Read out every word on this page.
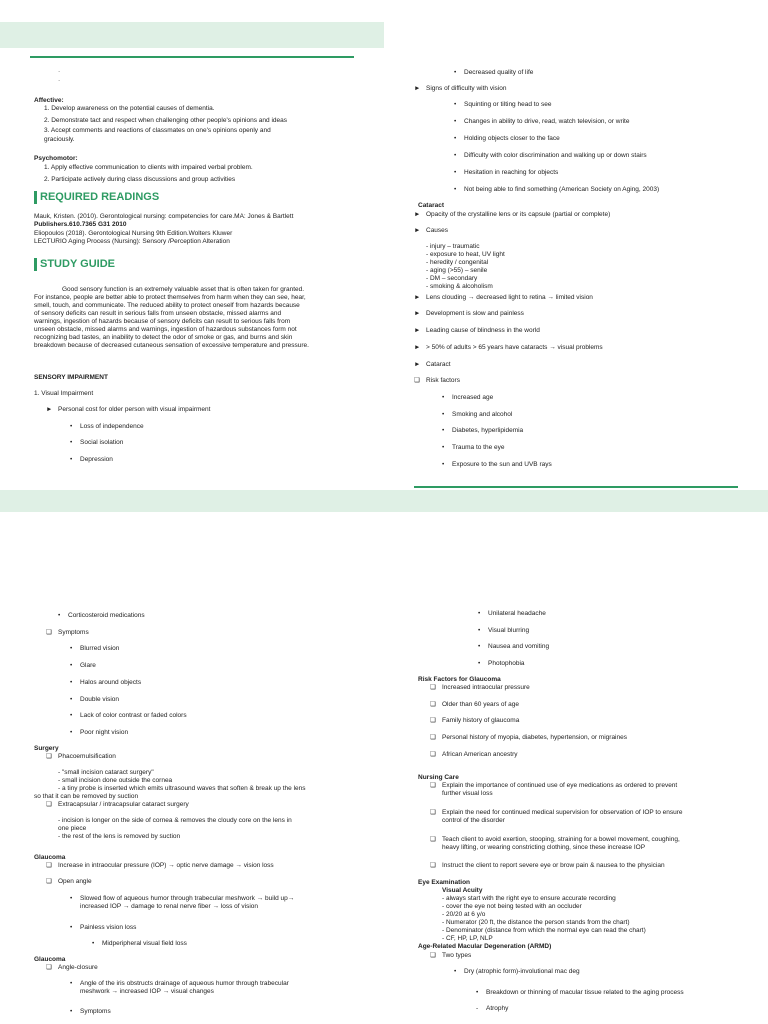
·
·
Affective:
1. Develop awareness on the potential causes of dementia.
2. Demonstrate tact and respect when challenging other people's opinions and ideas
3. Accept comments and reactions of classmates on one's opinions openly and
graciously.
Psychomotor:
1. Apply effective communication to clients with impaired verbal problem.
2. Participate actively during class discussions and group activities
REQUIRED READINGS
Mauk, Kristen. (2010). Gerontological nursing: competencies for care.MA: Jones & Bartlett
Publishers.610.7365 G31 2010
Eliopoulos (2018). Gerontological Nursing 9th Edition.Wolters Kluwer
LECTURIO Aging Process (Nursing): Sensory /Perception Alteration
STUDY GUIDE
Good sensory function is an extremely valuable asset that is often taken for granted.
For instance, people are better able to protect themselves from harm when they can see, hear,
smell, touch, and communicate. The reduced ability to protect oneself from hazards because
of sensory deficits can result in serious falls from unseen obstacle, missed alarms and
warnings, ingestion of hazards because of sensory deficits can result to serious falls from
unseen obstacle, missed alarms and warnings, ingestion of hazardous substances form not
recognizing bad tastes, an inability to detect the odor of smoke or gas, and burns and skin
breakdown because of decreased cutaneous sensation of excessive temperature and pressure.
SENSORY IMPAIRMENT
1. Visual Impairment
► Personal cost for older person with visual impairment
• Loss of independence
• Social isolation
• Depression
• Decreased quality of life
► Signs of difficulty with vision
• Squinting or tilting head to see
• Changes in ability to drive, read, watch television, or write
• Holding objects closer to the face
• Difficulty with color discrimination and walking up or down stairs
• Hesitation in reaching for objects
• Not being able to find something (American Society on Aging, 2003)
Cataract
► Opacity of the crystalline lens or its capsule (partial or complete)
► Causes
- injury – traumatic
- exposure to heat, UV light
- heredity / congenital
- aging (>55) – senile
- DM – secondary
- smoking & alcoholism
► Lens clouding → decreased light to retina → limited vision
► Development is slow and painless
► Leading cause of blindness in the world
► > 50% of adults > 65 years have cataracts → visual problems
► Cataract
❏ Risk factors
• Increased age
• Smoking and alcohol
• Diabetes, hyperlipidemia
• Trauma to the eye
• Exposure to the sun and UVB rays
• Corticosteroid medications
❏ Symptoms
• Blurred vision
• Glare
• Halos around objects
• Double vision
• Lack of color contrast or faded colors
• Poor night vision
Surgery
❏ Phacoemulsification
- "small incision cataract surgery"
- small incision done outside the cornea
- a tiny probe is inserted which emits ultrasound waves that soften & break up the lens
so that it can be removed by suction
❏ Extracapsular / intracapsular cataract surgery
- incision is longer on the side of cornea & removes the cloudy core on the lens in
one piece
- the rest of the lens is removed by suction
Glaucoma
❏ Increase in intraocular pressure (IOP) → optic nerve damage → vision loss
❏ Open angle
• Slowed flow of aqueous humor through trabecular meshwork → build up→
increased IOP → damage to renal nerve fiber → loss of vision
• Painless vision loss
• Midperipheral visual field loss
Glaucoma
❏ Angle-closure
• Angle of the iris obstructs drainage of aqueous humor through trabecular
meshwork → increased IOP → visual changes
• Symptoms
• Unilateral headache
• Visual blurring
• Nausea and vomiting
• Photophobia
Risk Factors for Glaucoma
❏ Increased intraocular pressure
❏ Older than 60 years of age
❏ Family history of glaucoma
❏ Personal history of myopia, diabetes, hypertension, or migraines
❏ African American ancestry
Nursing Care
❏ Explain the importance of continued use of eye medications as ordered to prevent
further visual loss
❏ Explain the need for continued medical supervision for observation of IOP to ensure
control of the disorder
❏ Teach client to avoid exertion, stooping, straining for a bowel movement, coughing,
heavy lifting, or wearing constricting clothing, since these increase IOP
❏ Instruct the client to report severe eye or brow pain & nausea to the physician
Eye Examination
Visual Acuity
- always start with the right eye to ensure accurate recording
- cover the eye not being tested with an occluder
- 20/20 at 6 y/o
- Numerator (20 ft, the distance the person stands from the chart)
- Denominator (distance from which the normal eye can read the chart)
- CF, HP, LP, NLP
Age-Related Macular Degeneration (ARMD)
❏ Two types
• Dry (atrophic form)-involutional mac deg
• Breakdown or thinning of macular tissue related to the aging process
- Atrophy
